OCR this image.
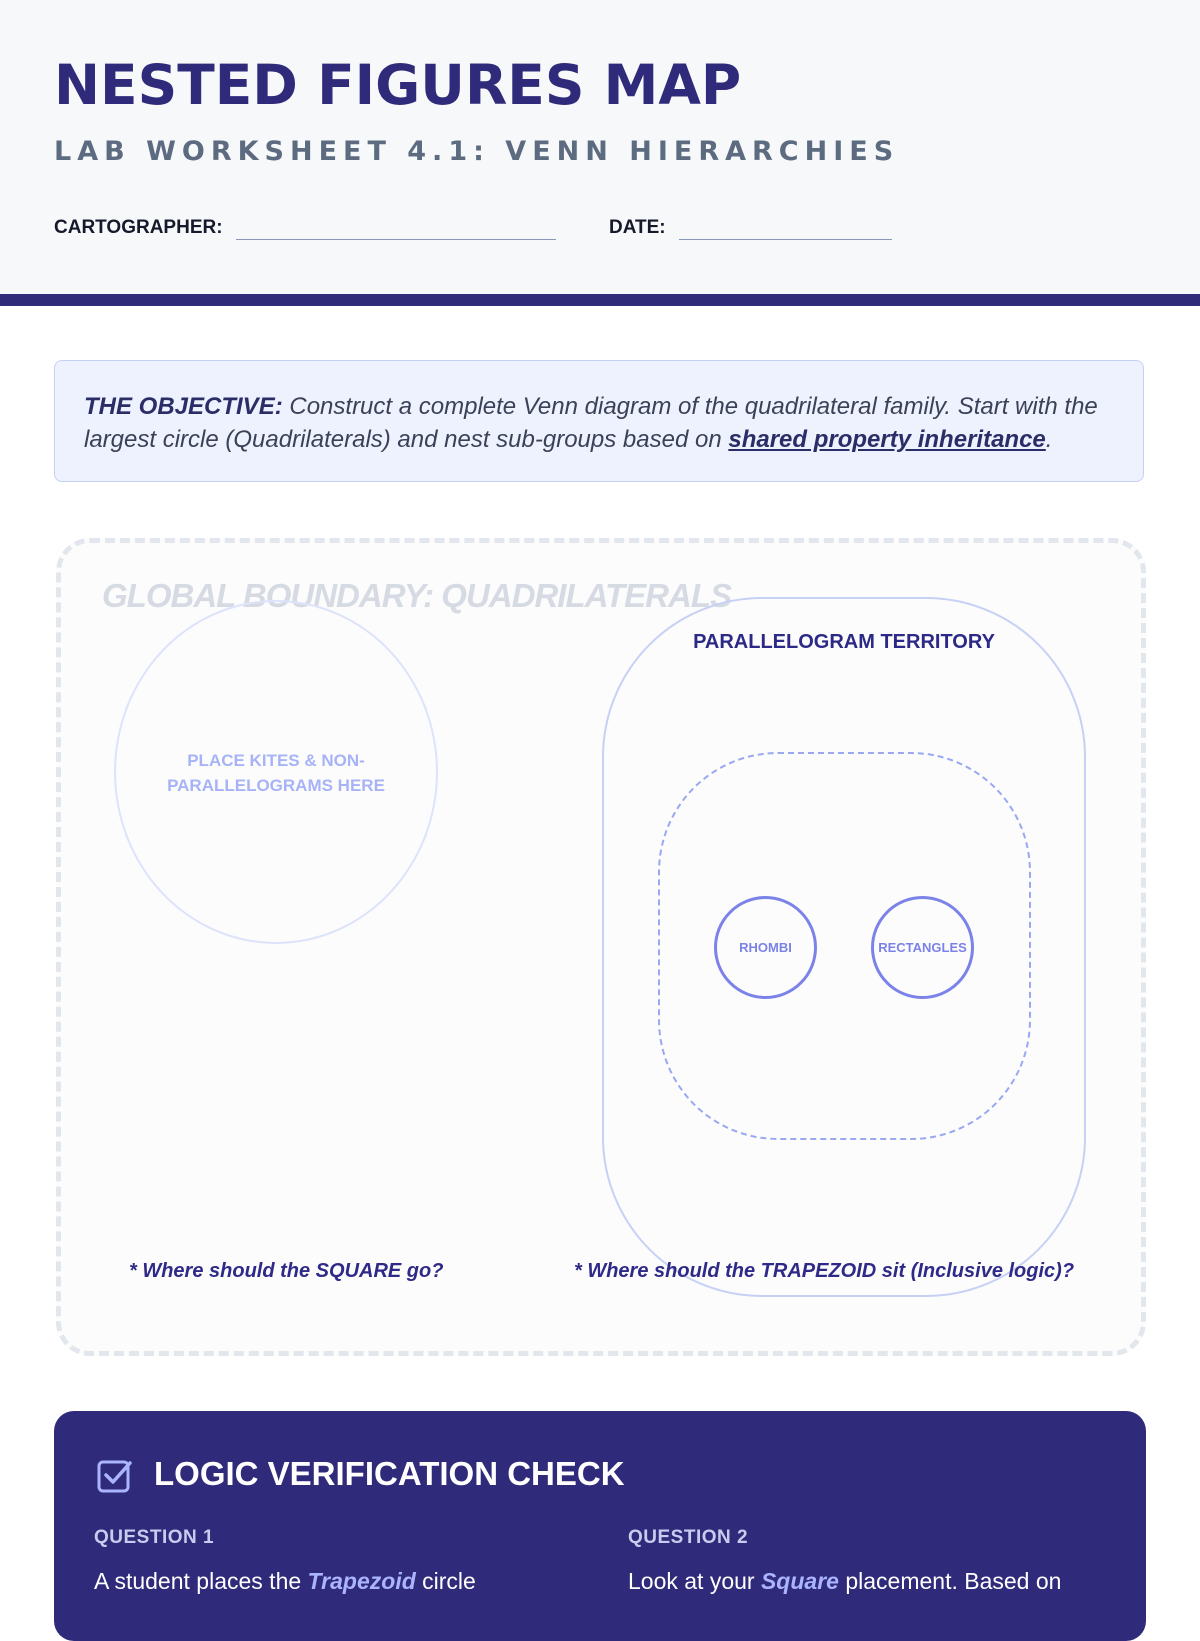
NESTED FIGURES MAP
LAB WORKSHEET 4.1: VENN HIERARCHIES
CARTOGRAPHER:	DATE:
THE OBJECTIVE: Construct a complete Venn diagram of the quadrilateral family. Start with the largest circle (Quadrilaterals) and nest sub-groups based on shared property inheritance.
GLOBAL BOUNDARY: QUADRILATERALS
PLACE KITES & NON-PARALLELOGRAMS HERE
PARALLELOGRAM TERRITORY
RHOMBI	RECTANGLES
* Where should the SQUARE go?	* Where should the TRAPEZOID sit (Inclusive logic)?
LOGIC VERIFICATION CHECK
QUESTION 1
A student places the Trapezoid circle
QUESTION 2
Look at your Square placement. Based on
